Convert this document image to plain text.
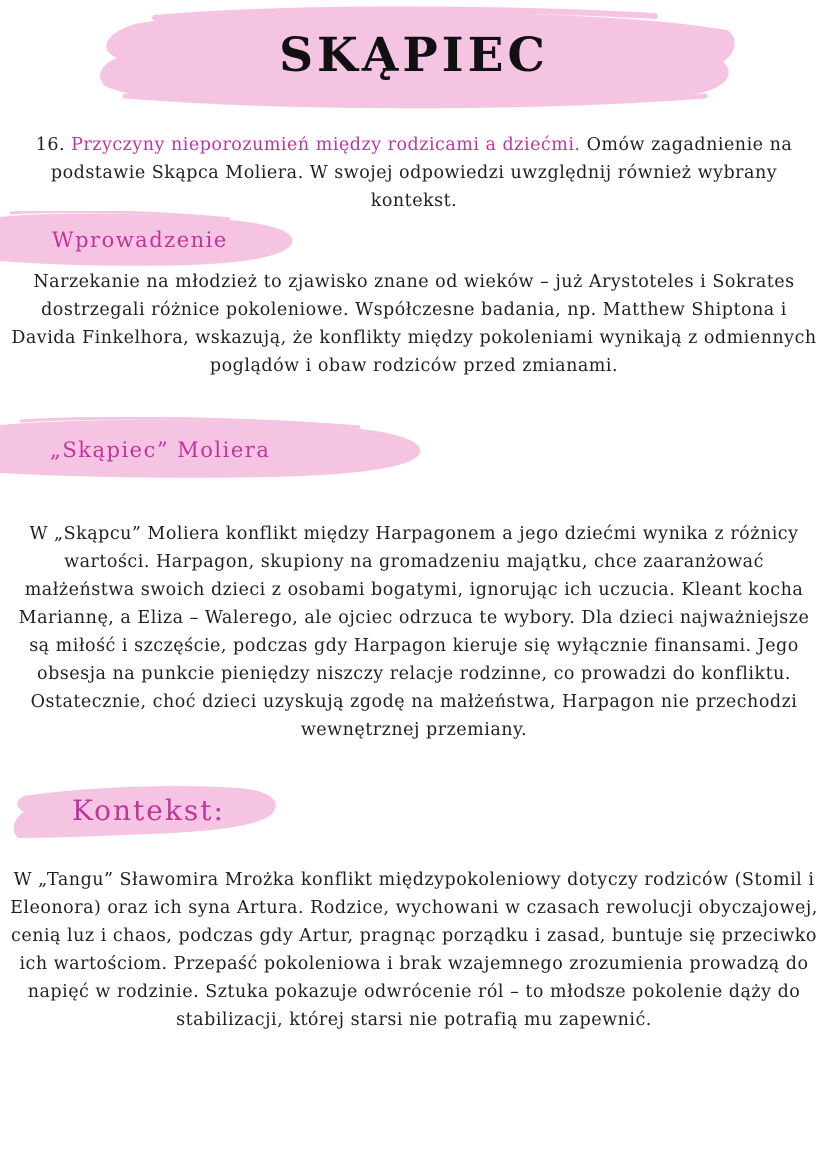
SKĄPIEC
16. Przyczyny nieporozumień między rodzicami a dziećmi. Omów zagadnienie na podstawie Skąpca Moliera. W swojej odpowiedzi uwzględnij również wybrany kontekst.
Wprowadzenie
Narzekanie na młodzież to zjawisko znane od wieków – już Arystoteles i Sokrates dostrzegali różnice pokoleniowe. Współczesne badania, np. Matthew Shiptona i Davida Finkelhora, wskazują, że konflikty między pokoleniami wynikają z odmiennych poglądów i obaw rodziców przed zmianami.
„Skąpiec” Moliera
W „Skąpcu” Moliera konflikt między Harpagonem a jego dziećmi wynika z różnicy wartości. Harpagon, skupiony na gromadzeniu majątku, chce zaaranżować małżeństwa swoich dzieci z osobami bogatymi, ignorując ich uczucia. Kleant kocha Mariannę, a Eliza – Walerego, ale ojciec odrzuca te wybory. Dla dzieci najważniejsze są miłość i szczęście, podczas gdy Harpagon kieruje się wyłącznie finansami. Jego obsesja na punkcie pieniędzy niszczy relacje rodzinne, co prowadzi do konfliktu. Ostatecznie, choć dzieci uzyskują zgodę na małżeństwa, Harpagon nie przechodzi wewnętrznej przemiany.
Kontekst:
W „Tangu” Sławomira Mrożka konflikt międzypokoleniowy dotyczy rodziców (Stomil i Eleonora) oraz ich syna Artura. Rodzice, wychowani w czasach rewolucji obyczajowej, cenią luz i chaos, podczas gdy Artur, pragnąc porządku i zasad, buntuje się przeciwko ich wartościom. Przepaść pokoleniowa i brak wzajemnego zrozumienia prowadzą do napięć w rodzinie. Sztuka pokazuje odwrócenie ról – to młodsze pokolenie dąży do stabilizacji, której starsi nie potrafią mu zapewnić.
